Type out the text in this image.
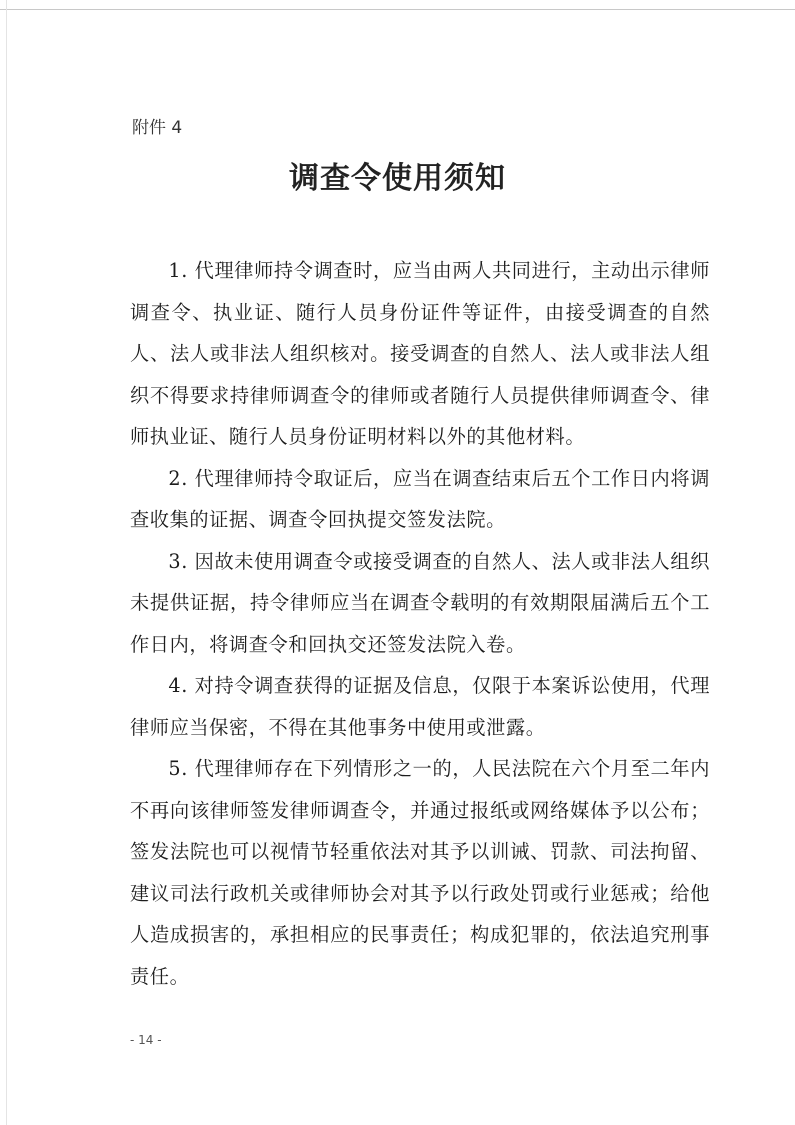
附件 4
调查令使用须知

1. 代理律师持令调查时，应当由两人共同进行，主动出示律师调查令、执业证、随行人员身份证件等证件，由接受调查的自然人、法人或非法人组织核对。接受调查的自然人、法人或非法人组织不得要求持律师调查令的律师或者随行人员提供律师调查令、律师执业证、随行人员身份证明材料以外的其他材料。

2. 代理律师持令取证后，应当在调查结束后五个工作日内将调查收集的证据、调查令回执提交签发法院。

3. 因故未使用调查令或接受调查的自然人、法人或非法人组织未提供证据，持令律师应当在调查令载明的有效期限届满后五个工作日内，将调查令和回执交还签发法院入卷。

4. 对持令调查获得的证据及信息，仅限于本案诉讼使用，代理律师应当保密，不得在其他事务中使用或泄露。

5. 代理律师存在下列情形之一的，人民法院在六个月至二年内不再向该律师签发律师调查令，并通过报纸或网络媒体予以公布；签发法院也可以视情节轻重依法对其予以训诫、罚款、司法拘留、建议司法行政机关或律师协会对其予以行政处罚或行业惩戒；给他人造成损害的，承担相应的民事责任；构成犯罪的，依法追究刑事责任。

- 14 -
